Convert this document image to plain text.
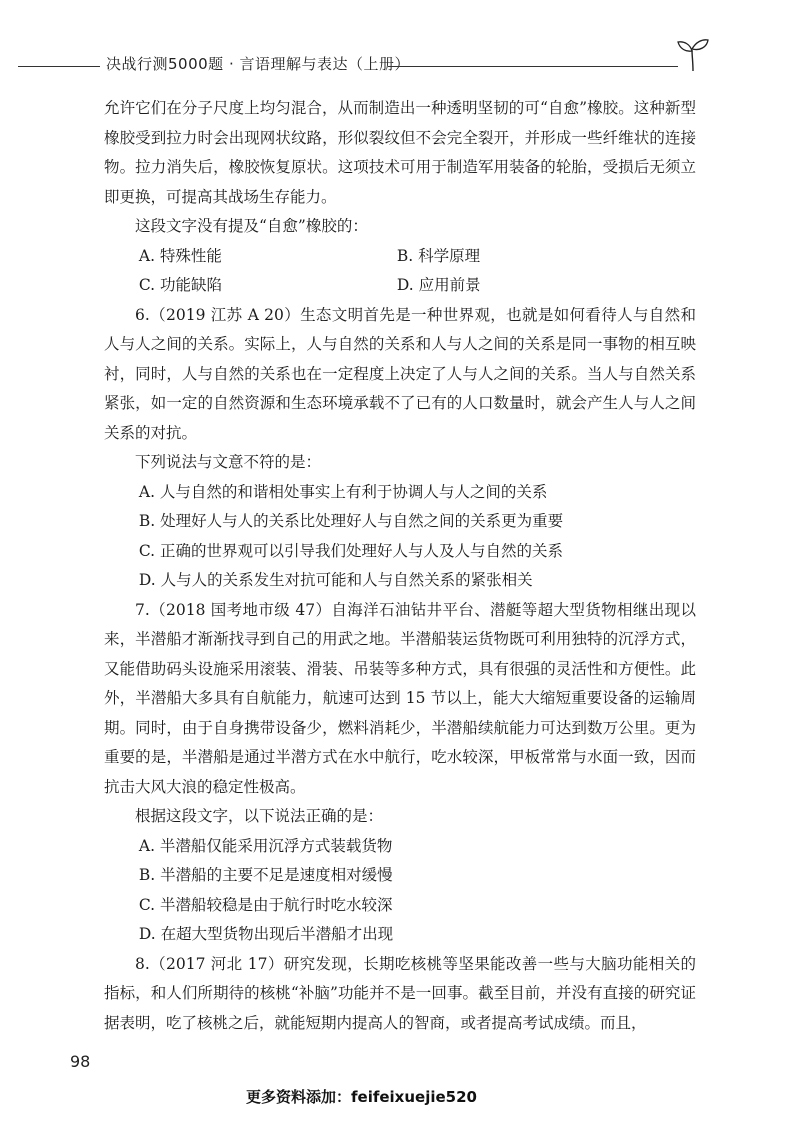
决战行测5000题 · 言语理解与表达（上册）

允许它们在分子尺度上均匀混合，从而制造出一种透明坚韧的可“自愈”橡胶。这种新型橡胶受到拉力时会出现网状纹路，形似裂纹但不会完全裂开，并形成一些纤维状的连接物。拉力消失后，橡胶恢复原状。这项技术可用于制造军用装备的轮胎，受损后无须立即更换，可提高其战场生存能力。

这段文字没有提及“自愈”橡胶的：

A. 特殊性能	B. 科学原理

C. 功能缺陷	D. 应用前景

6.（2019 江苏 A 20）生态文明首先是一种世界观，也就是如何看待人与自然和人与人之间的关系。实际上，人与自然的关系和人与人之间的关系是同一事物的相互映衬，同时，人与自然的关系也在一定程度上决定了人与人之间的关系。当人与自然关系紧张，如一定的自然资源和生态环境承载不了已有的人口数量时，就会产生人与人之间关系的对抗。

下列说法与文意不符的是：

A. 人与自然的和谐相处事实上有利于协调人与人之间的关系

B. 处理好人与人的关系比处理好人与自然之间的关系更为重要

C. 正确的世界观可以引导我们处理好人与人及人与自然的关系

D. 人与人的关系发生对抗可能和人与自然关系的紧张相关

7.（2018 国考地市级 47）自海洋石油钻井平台、潜艇等超大型货物相继出现以来，半潜船才渐渐找寻到自己的用武之地。半潜船装运货物既可利用独特的沉浮方式，又能借助码头设施采用滚装、滑装、吊装等多种方式，具有很强的灵活性和方便性。此外，半潜船大多具有自航能力，航速可达到 15 节以上，能大大缩短重要设备的运输周期。同时，由于自身携带设备少，燃料消耗少，半潜船续航能力可达到数万公里。更为重要的是，半潜船是通过半潜方式在水中航行，吃水较深，甲板常常与水面一致，因而抗击大风大浪的稳定性极高。

根据这段文字，以下说法正确的是：

A. 半潜船仅能采用沉浮方式装载货物

B. 半潜船的主要不足是速度相对缓慢

C. 半潜船较稳是由于航行时吃水较深

D. 在超大型货物出现后半潜船才出现

8.（2017 河北 17）研究发现，长期吃核桃等坚果能改善一些与大脑功能相关的指标，和人们所期待的核桃“补脑”功能并不是一回事。截至目前，并没有直接的研究证据表明，吃了核桃之后，就能短期内提高人的智商，或者提高考试成绩。而且，

98
更多资料添加：feifeixuejie520
